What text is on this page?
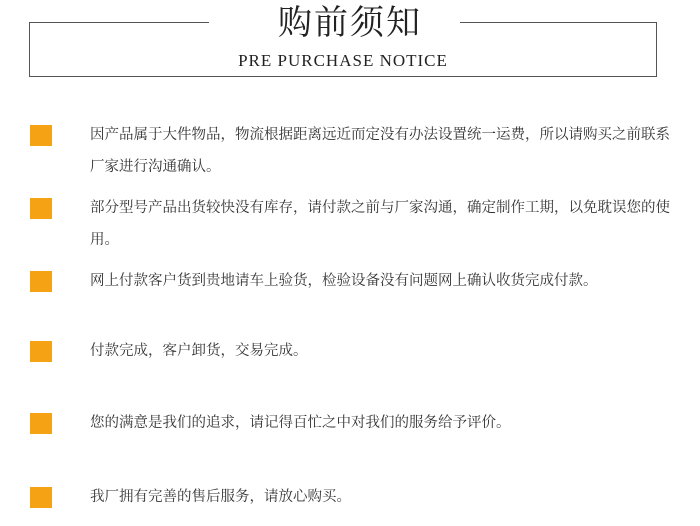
购前须知
PRE PURCHASE NOTICE
因产品属于大件物品，物流根据距离远近而定没有办法设置统一运费，所以请购买之前联系厂家进行沟通确认。
部分型号产品出货较快没有库存，请付款之前与厂家沟通，确定制作工期，以免耽误您的使用。
网上付款客户货到贵地请车上验货，检验设备没有问题网上确认收货完成付款。
付款完成，客户卸货，交易完成。
您的满意是我们的追求，请记得百忙之中对我们的服务给予评价。
我厂拥有完善的售后服务，请放心购买。
